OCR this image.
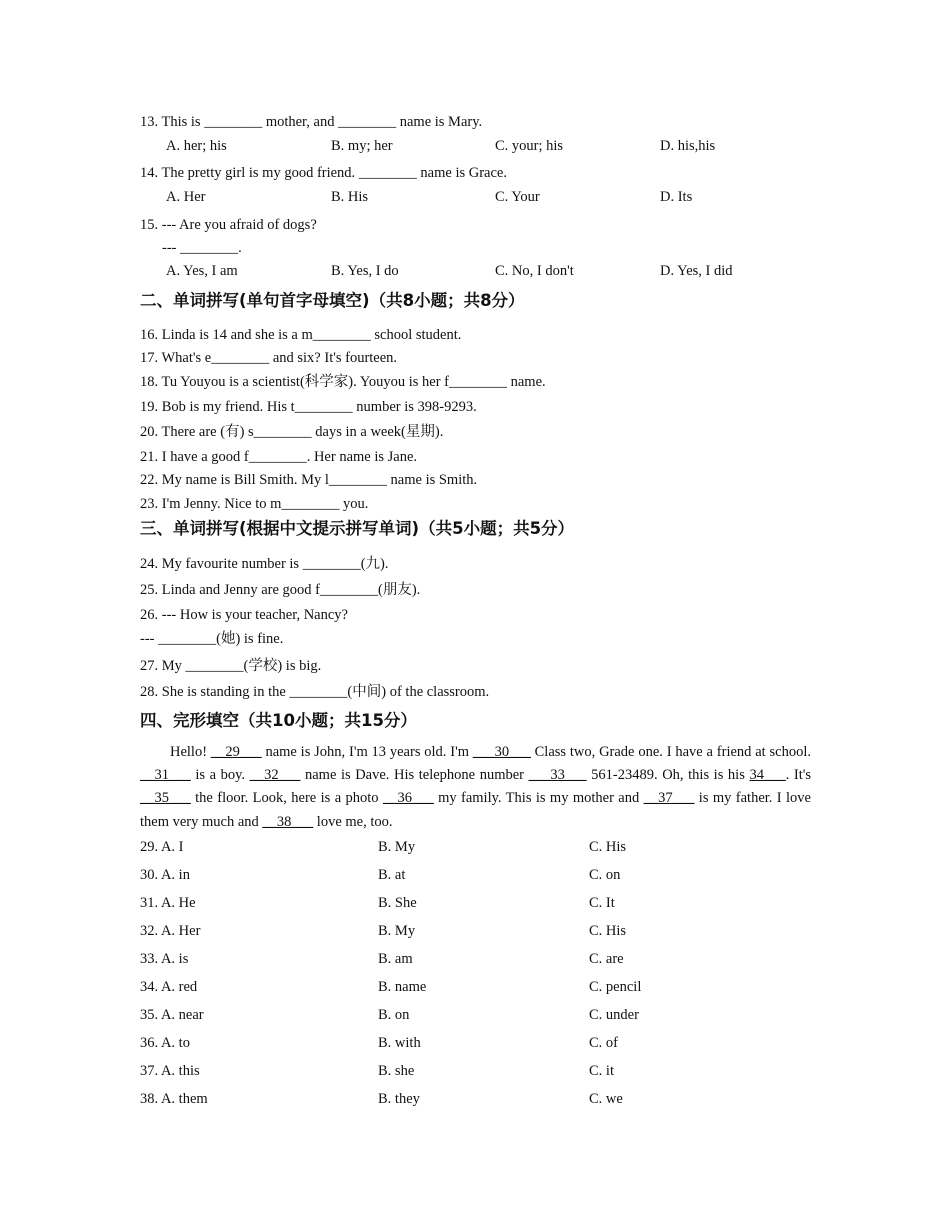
13. This is ________ mother, and ________ name is Mary.
A. her; his	B. my; her	C. your; his	D. his,his
14. The pretty girl is my good friend. ________ name is Grace.
A. Her	B. His	C. Your	D. Its
15. --- Are you afraid of dogs?
--- ________.
A. Yes, I am	B. Yes, I do	C. No, I don't	D. Yes, I did
二、单词拼写(单句首字母填空)（共8小题；共8分）
16. Linda is 14 and she is a m________ school student.
17. What's e________ and six? It's fourteen.
18. Tu Youyou is a scientist(科学家). Youyou is her f________ name.
19. Bob is my friend. His t________ number is 398-9293.
20. There are (有) s________ days in a week(星期).
21. I have a good f________. Her name is Jane.
22. My name is Bill Smith. My l________ name is Smith.
23. I'm Jenny. Nice to m________ you.
三、单词拼写(根据中文提示拼写单词)（共5小题；共5分）
24. My favourite number is ________(九).
25. Linda and Jenny are good f________(朋友).
26. --- How is your teacher, Nancy?
--- ________(她) is fine.
27. My ________(学校) is big.
28. She is standing in the ________(中间) of the classroom.
四、完形填空（共10小题；共15分）
Hello! __29___ name is John, I'm 13 years old. I'm ___30___ Class two, Grade one. I have a friend at school. __31___ is a boy. __32___ name is Dave. His telephone number ___33___ 561-23489. Oh, this is his 34___. It's __35___ the floor. Look, here is a photo __36___ my family. This is my mother and __37___ is my father. I love them very much and __38___ love me, too.
29. A. I	B. My	C. His
30. A. in	B. at	C. on
31. A. He	B. She	C. It
32. A. Her	B. My	C. His
33. A. is	B. am	C. are
34. A. red	B. name	C. pencil
35. A. near	B. on	C. under
36. A. to	B. with	C. of
37. A. this	B. she	C. it
38. A. them	B. they	C. we
